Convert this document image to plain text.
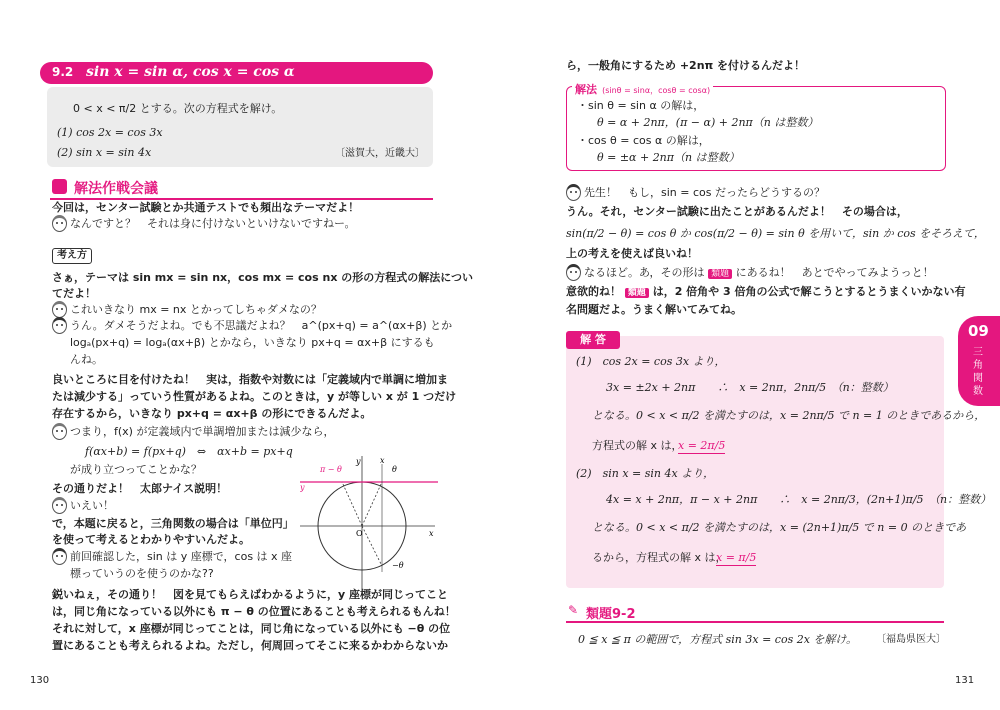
9.2 sin x = sin α, cos x = cos α
0 < x < π/2 とする。次の方程式を解け。
(1) cos 2x = cos 3x
(2) sin x = sin 4x	〔滋賀大，近畿大〕
解法作戦会議
今回は，センター試験とか共通テストでも頻出なテーマだよ！
なんですと？　それは身に付けないといけないですねー。
考え方
さぁ，テーマは sin mx = sin nx，cos mx = cos nx の形の方程式の解法につい
てだよ！
これいきなり mx = nx とかってしちゃダメなの？
うん。ダメそうだよね。でも不思議だよね？　a^(px+q) = a^(αx+β) とか
logₐ(px+q) = logₐ(αx+β) とかなら，いきなり px+q = αx+β にするも
んね。
良いところに目を付けたね！　実は，指数や対数には「定義域内で単調に増加ま
たは減少する」っていう性質があるよね。このときは，y が等しい x が 1 つだけ
存在するから，いきなり px+q = αx+β の形にできるんだよ。
つまり，f(x) が定義域内で単調増加または減少なら，
f(αx+b) = f(px+q)　⇔　αx+b = px+q
が成り立つってことかな？
その通りだよ！　太郎ナイス説明！
いえい！
で，本題に戻ると，三角関数の場合は「単位円」
を使って考えるとわかりやすいんだよ。
前回確認した，sin は y 座標で，cos は x 座
標っていうのを使うのかな??
鋭いねぇ，その通り！　図を見てもらえばわかるように，y 座標が同じってこと
は，同じ角になっている以外にも π − θ の位置にあることも考えられるもんね！
それに対して，x 座標が同じってことは，同じ角になっている以外にも −θ の位
置にあることも考えられるよね。ただし，何周回ってそこに来るかわからないか
y x
x
O
π − θ	θ
−θ
y
130
ら，一般角にするため +2nπ を付けるんだよ！
・sin θ = sin α の解は，
θ = α + 2nπ，(π − α) + 2nπ（n は整数）
・cos θ = cos α の解は，
θ = ±α + 2nπ（n は整数）
解法 (sinθ = sinα，cosθ = cosα)
先生！　もし，sin = cos だったらどうするの？
うん。それ，センター試験に出たことがあるんだよ！　その場合は，
sin(π/2 − θ) = cos θ か cos(π/2 − θ) = sin θ を用いて，sin か cos をそろえて，
上の考えを使えば良いね！
なるほど。あ，その形は 類題 にあるね！　あとでやってみようっと！
意欲的ね！ 類題 は，2 倍角や 3 倍角の公式で解こうとするとうまくいかない有
名問題だよ。うまく解いてみてね。
(1)　cos 2x = cos 3x より，
3x = ±2x + 2nπ　　∴　x = 2nπ，2nπ/5　（n：整数）
となる。0 < x < π/2 を満たすのは，x = 2nπ/5 で n = 1 のときであるから，
方程式の解 x は，
x = 2π/5
(2)　sin x = sin 4x より，
4x = x + 2nπ，π − x + 2nπ　　∴　x = 2nπ/3，(2n+1)π/5　（n：整数）
となる。0 < x < π/2 を満たすのは，x = (2n+1)π/5 で n = 0 のときであ
るから，方程式の解 x は，
x = π/5
解 答
✎ 類題9-2
0 ≦ x ≦ π の範囲で，方程式 sin 3x = cos 2x を解け。 〔福島県医大〕
09
三角関数
131
